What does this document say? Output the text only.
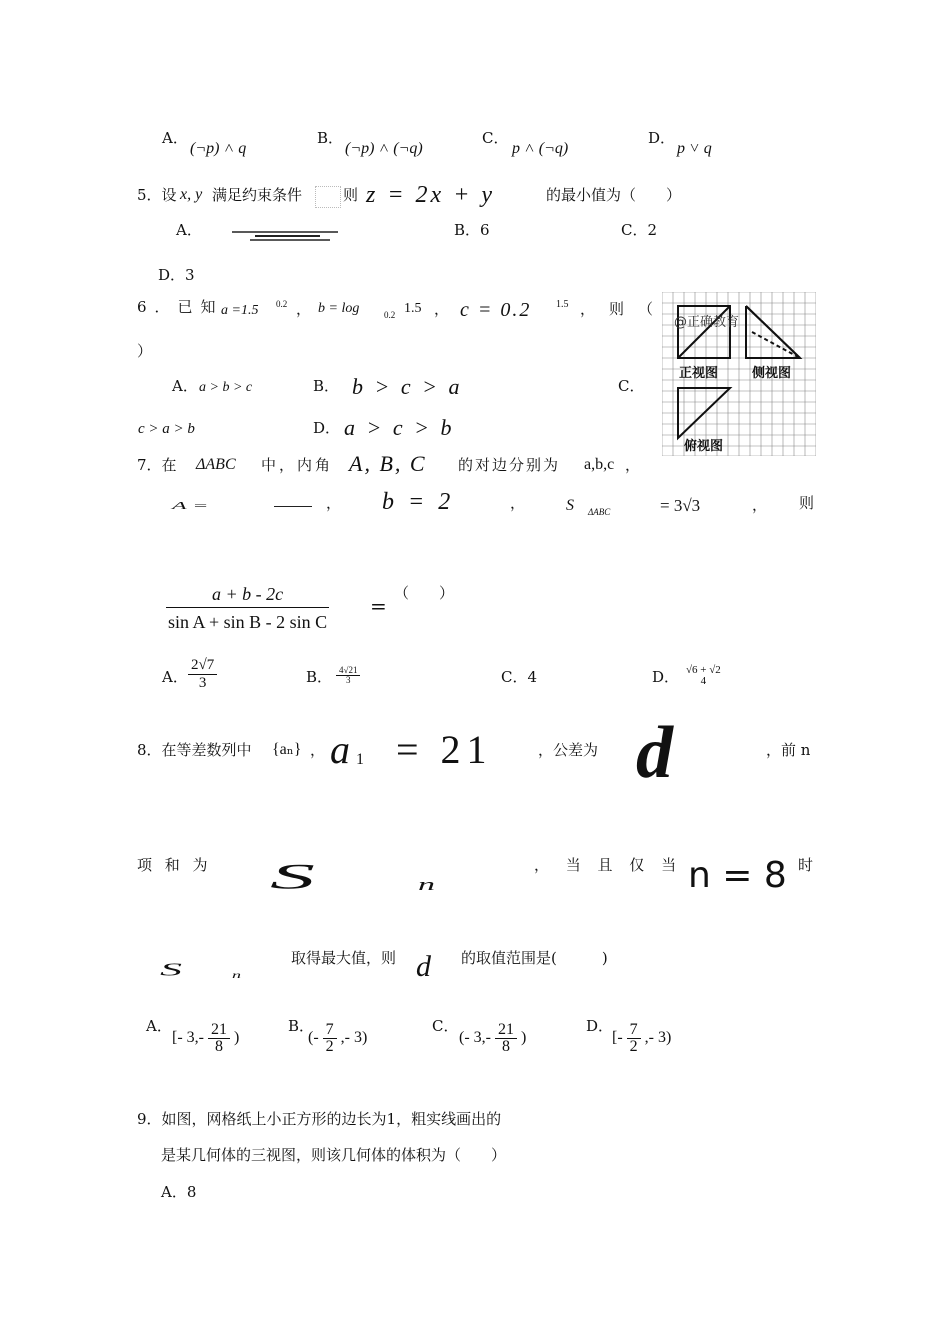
A．
(¬p) ˄ q
B．
(¬p) ˄ (¬q)
C．
p ˄ (¬q)
D．
p ˅ q
5．设 x, y 满足约束条件	则 z = 2x + y	的最小值为（　　）
A．	B．6	C．2
D．3
6．已知
a =1.5 0.2 ， b = log	0.2 1.5 ， c = 0.2 1.5 ，则（
）
A． a > b > c	B． b > c > a	C．
c > a > b	D． a > c > b
@正确教育
正视图	侧视图
俯视图
7．在 ΔABC 中，内角 A, B, C 的对边分别为 a,b,c ，
A =	， b = 2	，	S ΔABC	= 3√3	， 则
$\frac{a + b - 2c}{\text{sin A + sin B - 2 sin C}}$ =
（　　）
A． $\frac{2√7}{3}$	B． $\frac{4√21}{3}$	C．4	D． √6 + √2
4
8．在等差数列中 {aₙ} ， a 1 = 21	，公差为 d	，前 n
项 和 为 S	n
， 当 且 仅 当 n = 8 时
S	n
取得最大值，则 d 的取值范围是(　　　)
A．
[- $3,- \frac{21}{8}$ )
B．
(- $\frac{7}{2}$ ,- 3)
C．
(- $3,- \frac{21}{8}$ )
D．
[- $\frac{7}{2}$ ,- 3)
9．如图，网格纸上小正方形的边长为1，粗实线画出的
是某几何体的三视图，则该几何体的体积为（　　）
A．8
